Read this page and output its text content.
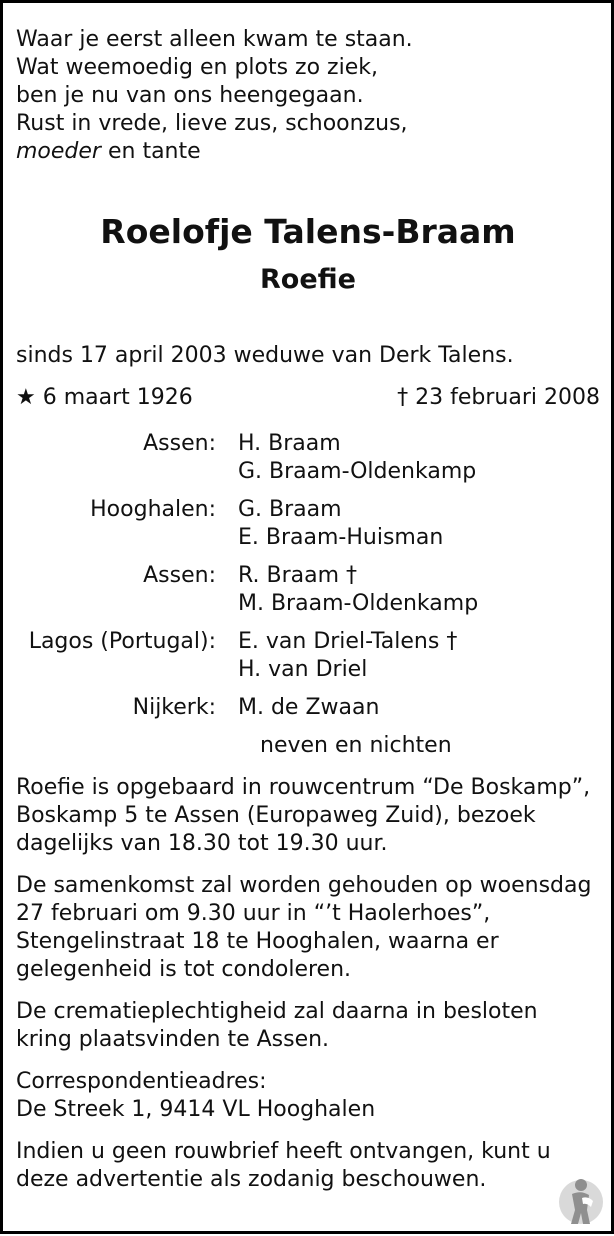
Waar je eerst alleen kwam te staan.

Wat weemoedig en plots zo ziek,

ben je nu van ons heengegaan.

Rust in vrede, lieve zus, schoonzus,

moeder en tante

Roelofje Talens-Braam
Roefie

sinds 17 april 2003 weduwe van Derk Talens.

★ 6 maart 1926	† 23 februari 2008
Assen:	H. Braam
G. Braam-Oldenkamp
Hooghalen:	G. Braam
E. Braam-Huisman
Assen:	R. Braam †
M. Braam-Oldenkamp
Lagos (Portugal):	E. van Driel-Talens †
H. van Driel
Nijkerk:	M. de Zwaan
neven en nichten

Roefie is opgebaard in rouwcentrum “De Boskamp”, Boskamp 5 te Assen (Europaweg Zuid), bezoek dagelijks van 18.30 tot 19.30 uur.

De samenkomst zal worden gehouden op woensdag 27 februari om 9.30 uur in “’t Haolerhoes”, Stengelinstraat 18 te Hooghalen, waarna er gelegenheid is tot condoleren.

De crematieplechtigheid zal daarna in besloten kring plaatsvinden te Assen.

Correspondentieadres:
De Streek 1, 9414 VL Hooghalen

Indien u geen rouwbrief heeft ontvangen, kunt u deze advertentie als zodanig beschouwen.
